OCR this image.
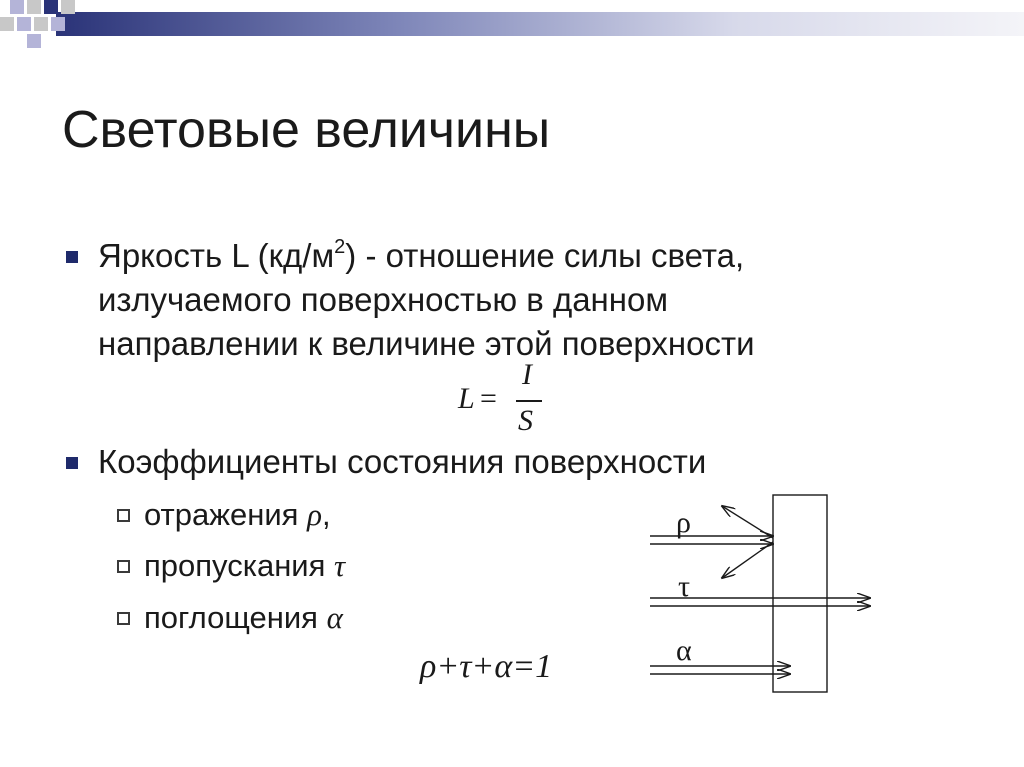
Световые величины
Яркость L $(кд/м^2)$ - отношение силы света,
излучаемого поверхностью в данном
направлении к величине этой поверхности
L =
I
S
Коэффициенты состояния поверхности
отражения ρ,
пропускания τ
поглощения α
ρ+τ+α=1
ρ
τ
α
